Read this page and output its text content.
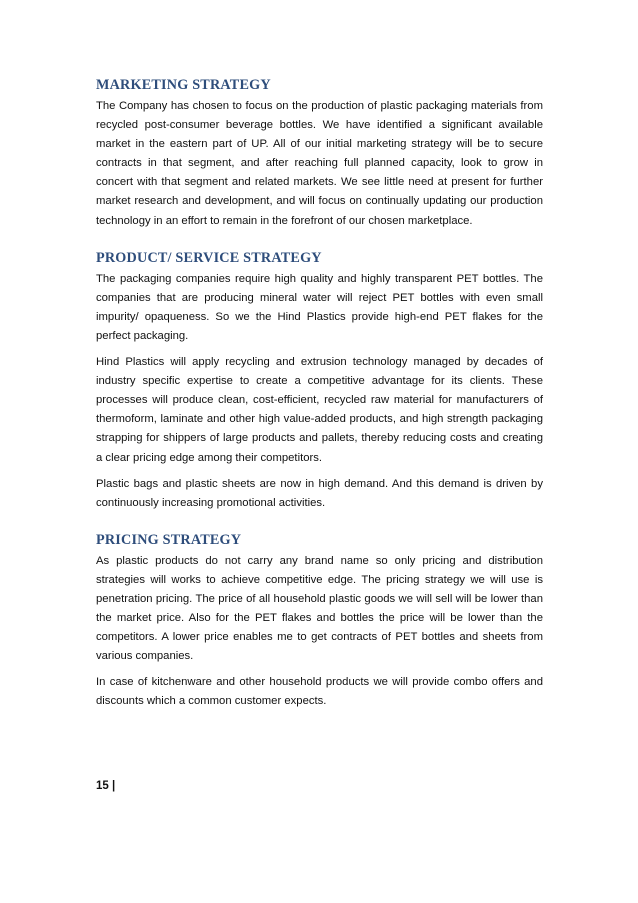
MARKETING STRATEGY

The Company has chosen to focus on the production of plastic packaging materials from recycled post-consumer beverage bottles. We have identified a significant available market in the eastern part of UP. All of our initial marketing strategy will be to secure contracts in that segment, and after reaching full planned capacity, look to grow in concert with that segment and related markets. We see little need at present for further market research and development, and will focus on continually updating our production technology in an effort to remain in the forefront of our chosen marketplace.

PRODUCT/ SERVICE STRATEGY

The packaging companies require high quality and highly transparent PET bottles. The companies that are producing mineral water will reject PET bottles with even small impurity/ opaqueness. So we the Hind Plastics provide high-end PET flakes for the perfect packaging.

Hind Plastics will apply recycling and extrusion technology managed by decades of industry specific expertise to create a competitive advantage for its clients. These processes will produce clean, cost-efficient, recycled raw material for manufacturers of thermoform, laminate and other high value-added products, and high strength packaging strapping for shippers of large products and pallets, thereby reducing costs and creating a clear pricing edge among their competitors.

Plastic bags and plastic sheets are now in high demand. And this demand is driven by continuously increasing promotional activities.

PRICING STRATEGY

As plastic products do not carry any brand name so only pricing and distribution strategies will works to achieve competitive edge. The pricing strategy we will use is penetration pricing. The price of all household plastic goods we will sell will be lower than the market price. Also for the PET flakes and bottles the price will be lower than the competitors. A lower price enables me to get contracts of PET bottles and sheets from various companies.

In case of kitchenware and other household products we will provide combo offers and discounts which a common customer expects.

15 |
